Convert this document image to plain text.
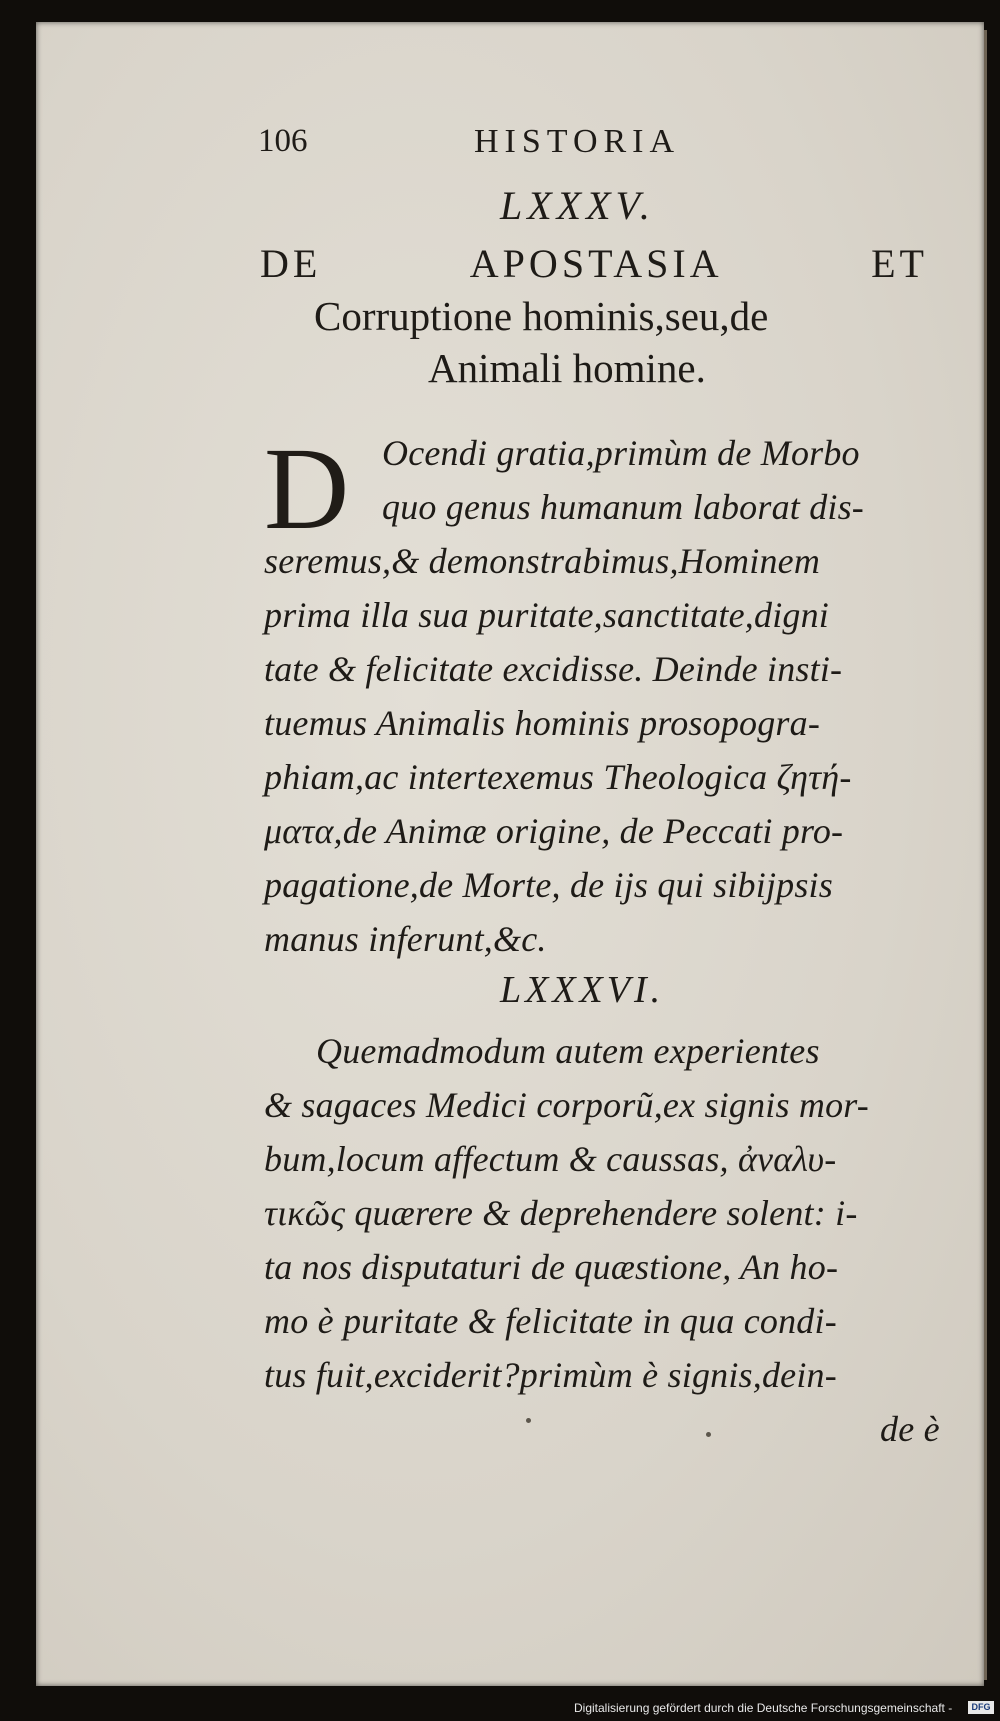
106	HISTORIA
LXXXV.
DE	APOSTASIA	ET
Corruptione hominis,seu,de
Animali homine.
D Ocendi gratia,primùm de Morbo
quo genus humanum laborat dis-
seremus,& demonstrabimus,Hominem
prima illa sua puritate,sanctitate,digni
tate & felicitate excidisse. Deinde insti-
tuemus Animalis hominis prosopogra-
phiam,ac intertexemus Theologica ζητή-
ματα,de Animæ origine, de Peccati pro-
pagatione,de Morte, de ijs qui sibijpsis
manus inferunt,&c.
LXXXVI.
Quemadmodum autem experientes
& sagaces Medici corporũ,ex signis mor-
bum,locum affectum & caussas, ἀναλυ-
τικῶς quærere & deprehendere solent: i-
ta nos disputaturi de quæstione, An ho-
mo è puritate & felicitate in qua condi-
tus fuit,exciderit?primùm è signis,dein-
de è
Digitalisierung gefördert durch die Deutsche Forschungsgemeinschaft -	DFG
